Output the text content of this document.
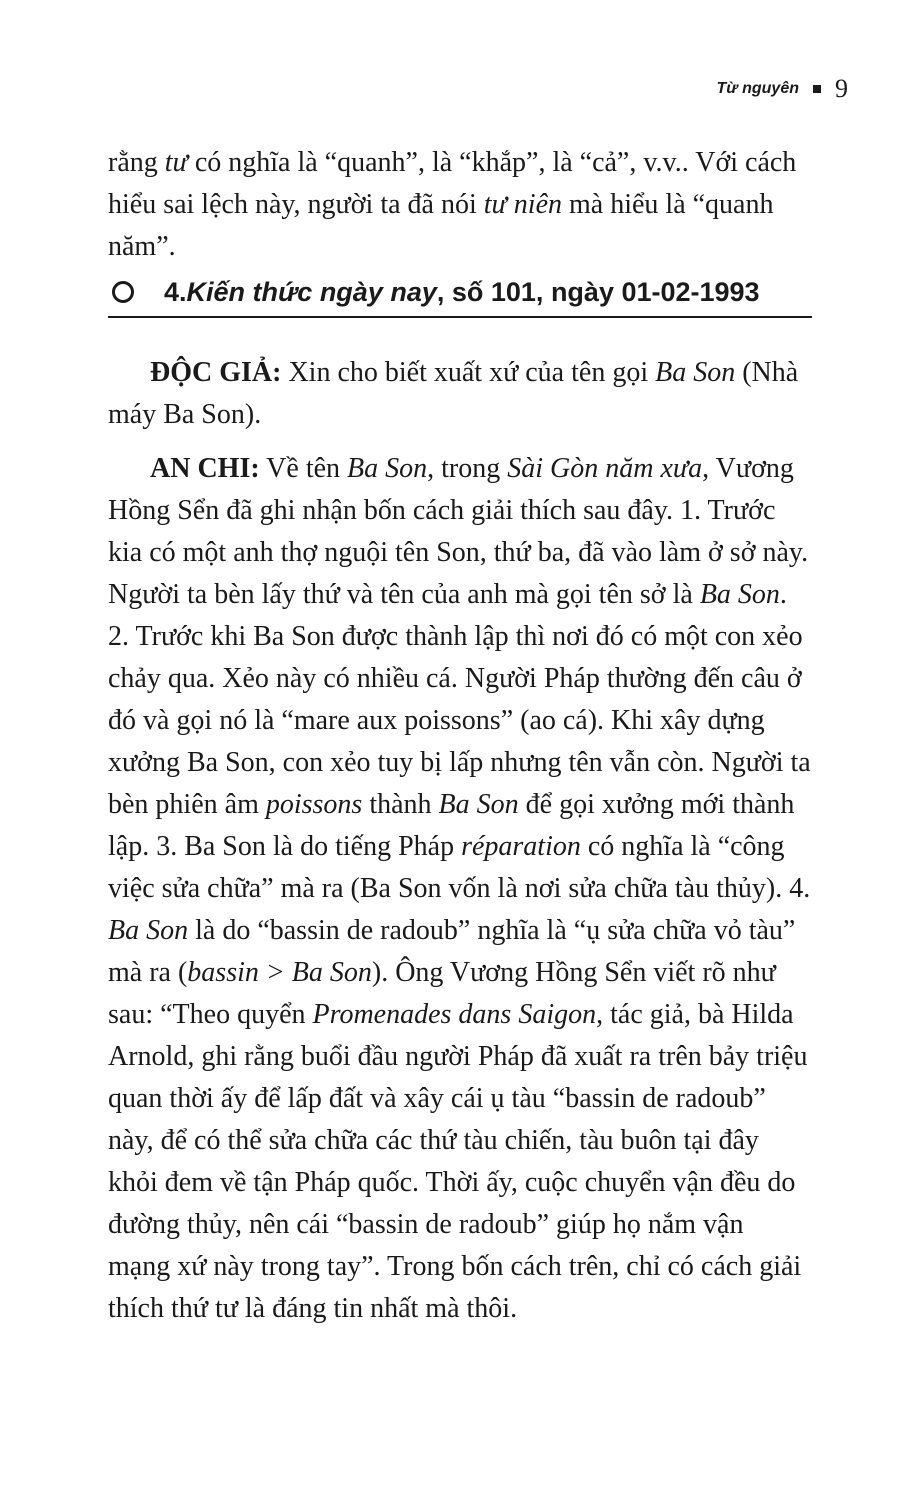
Từ nguyên 9

rằng tư có nghĩa là “quanh”, là “khắp”, là “cả”, v.v.. Với cách hiểu sai lệch này, người ta đã nói tư niên mà hiểu là “quanh năm”.

4. Kiến thức ngày nay , số 101, ngày 01-02-1993

ĐỘC GIẢ: Xin cho biết xuất xứ của tên gọi Ba Son (Nhà máy Ba Son).

AN CHI: Về tên Ba Son, trong Sài Gòn năm xưa, Vương Hồng Sển đã ghi nhận bốn cách giải thích sau đây. 1. Trước kia có một anh thợ nguội tên Son, thứ ba, đã vào làm ở sở này. Người ta bèn lấy thứ và tên của anh mà gọi tên sở là Ba Son. 2. Trước khi Ba Son được thành lập thì nơi đó có một con xẻo chảy qua. Xẻo này có nhiều cá. Người Pháp thường đến câu ở đó và gọi nó là “mare aux poissons” (ao cá). Khi xây dựng xưởng Ba Son, con xẻo tuy bị lấp nhưng tên vẫn còn. Người ta bèn phiên âm poissons thành Ba Son để gọi xưởng mới thành lập. 3. Ba Son là do tiếng Pháp réparation có nghĩa là “công việc sửa chữa” mà ra (Ba Son vốn là nơi sửa chữa tàu thủy). 4. Ba Son là do “bassin de radoub” nghĩa là “ụ sửa chữa vỏ tàu” mà ra (bassin > Ba Son). Ông Vương Hồng Sển viết rõ như sau: “Theo quyển Promenades dans Saigon, tác giả, bà Hilda Arnold, ghi rằng buổi đầu người Pháp đã xuất ra trên bảy triệu quan thời ấy để lấp đất và xây cái ụ tàu “bassin de radoub” này, để có thể sửa chữa các thứ tàu chiến, tàu buôn tại đây khỏi đem về tận Pháp quốc. Thời ấy, cuộc chuyển vận đều do đường thủy, nên cái “bassin de radoub” giúp họ nắm vận mạng xứ này trong tay”. Trong bốn cách trên, chỉ có cách giải thích thứ tư là đáng tin nhất mà thôi.
